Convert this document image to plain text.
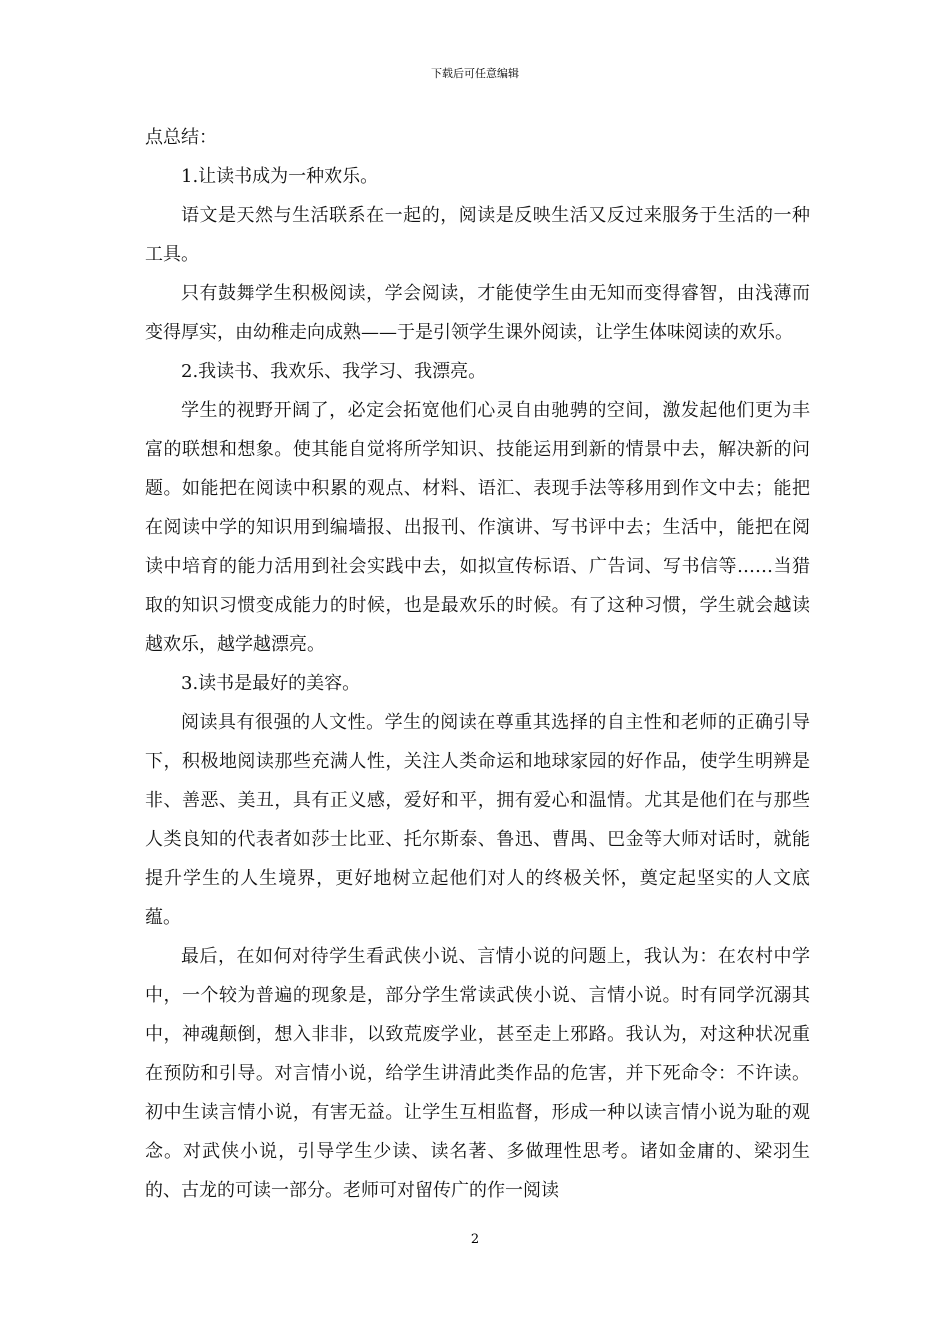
下载后可任意编辑

点总结：

1.让读书成为一种欢乐。

语文是天然与生活联系在一起的，阅读是反映生活又反过来服务于生活的一种工具。

只有鼓舞学生积极阅读，学会阅读，才能使学生由无知而变得睿智，由浅薄而变得厚实，由幼稚走向成熟——于是引领学生课外阅读，让学生体味阅读的欢乐。

2.我读书、我欢乐、我学习、我漂亮。

学生的视野开阔了，必定会拓宽他们心灵自由驰骋的空间，激发起他们更为丰富的联想和想象。使其能自觉将所学知识、技能运用到新的情景中去，解决新的问题。如能把在阅读中积累的观点、材料、语汇、表现手法等移用到作文中去；能把在阅读中学的知识用到编墙报、出报刊、作演讲、写书评中去；生活中，能把在阅读中培育的能力活用到社会实践中去，如拟宣传标语、广告词、写书信等……当猎取的知识习惯变成能力的时候，也是最欢乐的时候。有了这种习惯，学生就会越读越欢乐，越学越漂亮。

3.读书是最好的美容。

阅读具有很强的人文性。学生的阅读在尊重其选择的自主性和老师的正确引导下，积极地阅读那些充满人性，关注人类命运和地球家园的好作品，使学生明辨是非、善恶、美丑，具有正义感，爱好和平，拥有爱心和温情。尤其是他们在与那些人类良知的代表者如莎士比亚、托尔斯泰、鲁迅、曹禺、巴金等大师对话时，就能提升学生的人生境界，更好地树立起他们对人的终极关怀，奠定起坚实的人文底蕴。

最后，在如何对待学生看武侠小说、言情小说的问题上，我认为：在农村中学中，一个较为普遍的现象是，部分学生常读武侠小说、言情小说。时有同学沉溺其中，神魂颠倒，想入非非，以致荒废学业，甚至走上邪路。我认为，对这种状况重在预防和引导。对言情小说，给学生讲清此类作品的危害，并下死命令：不许读。初中生读言情小说，有害无益。让学生互相监督，形成一种以读言情小说为耻的观念。对武侠小说，引导学生少读、读名著、多做理性思考。诸如金庸的、梁羽生的、古龙的可读一部分。老师可对留传广的作一阅读

2
